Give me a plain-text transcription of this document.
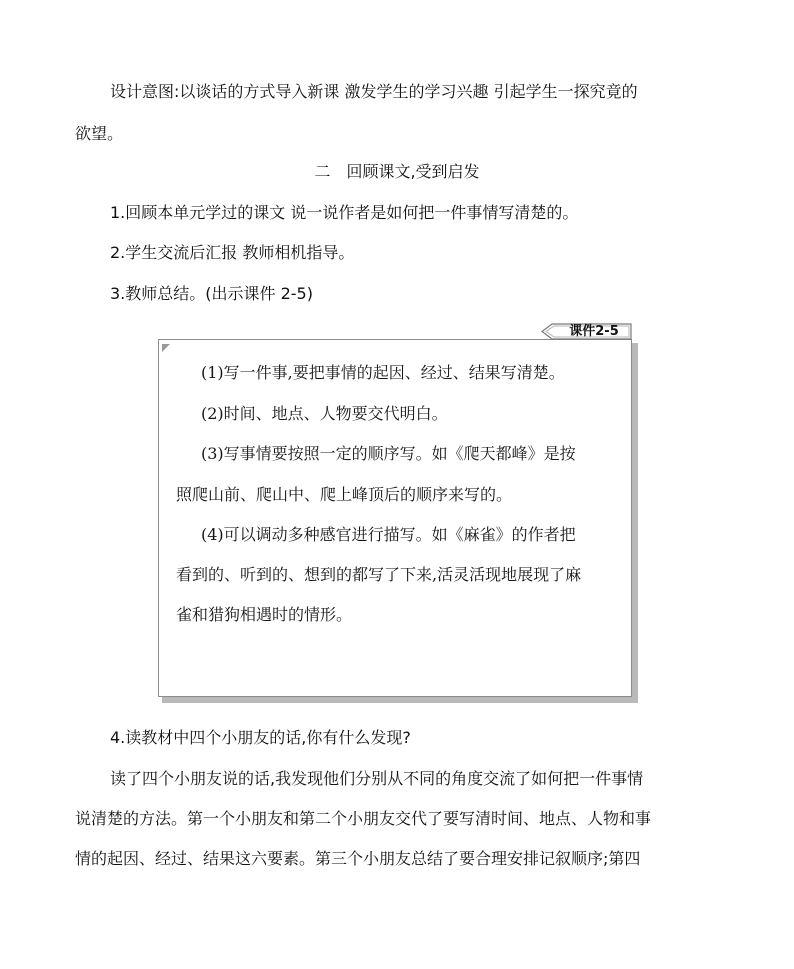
设计意图:以谈话的方式导入新课 激发学生的学习兴趣 引起学生一探究竟的
欲望。
二　回顾课文,受到启发
1.回顾本单元学过的课文 说一说作者是如何把一件事情写清楚的。
2.学生交流后汇报 教师相机指导。
3.教师总结。(出示课件 2-5)
课件2-5
(1)写一件事,要把事情的起因、经过、结果写清楚。
(2)时间、地点、人物要交代明白。
(3)写事情要按照一定的顺序写。如《爬天都峰》是按
照爬山前、爬山中、爬上峰顶后的顺序来写的。
(4)可以调动多种感官进行描写。如《麻雀》的作者把
看到的、听到的、想到的都写了下来,活灵活现地展现了麻
雀和猎狗相遇时的情形。
4.读教材中四个小朋友的话,你有什么发现?
读了四个小朋友说的话,我发现他们分别从不同的角度交流了如何把一件事情
说清楚的方法。第一个小朋友和第二个小朋友交代了要写清时间、地点、人物和事
情的起因、经过、结果这六要素。第三个小朋友总结了要合理安排记叙顺序;第四
